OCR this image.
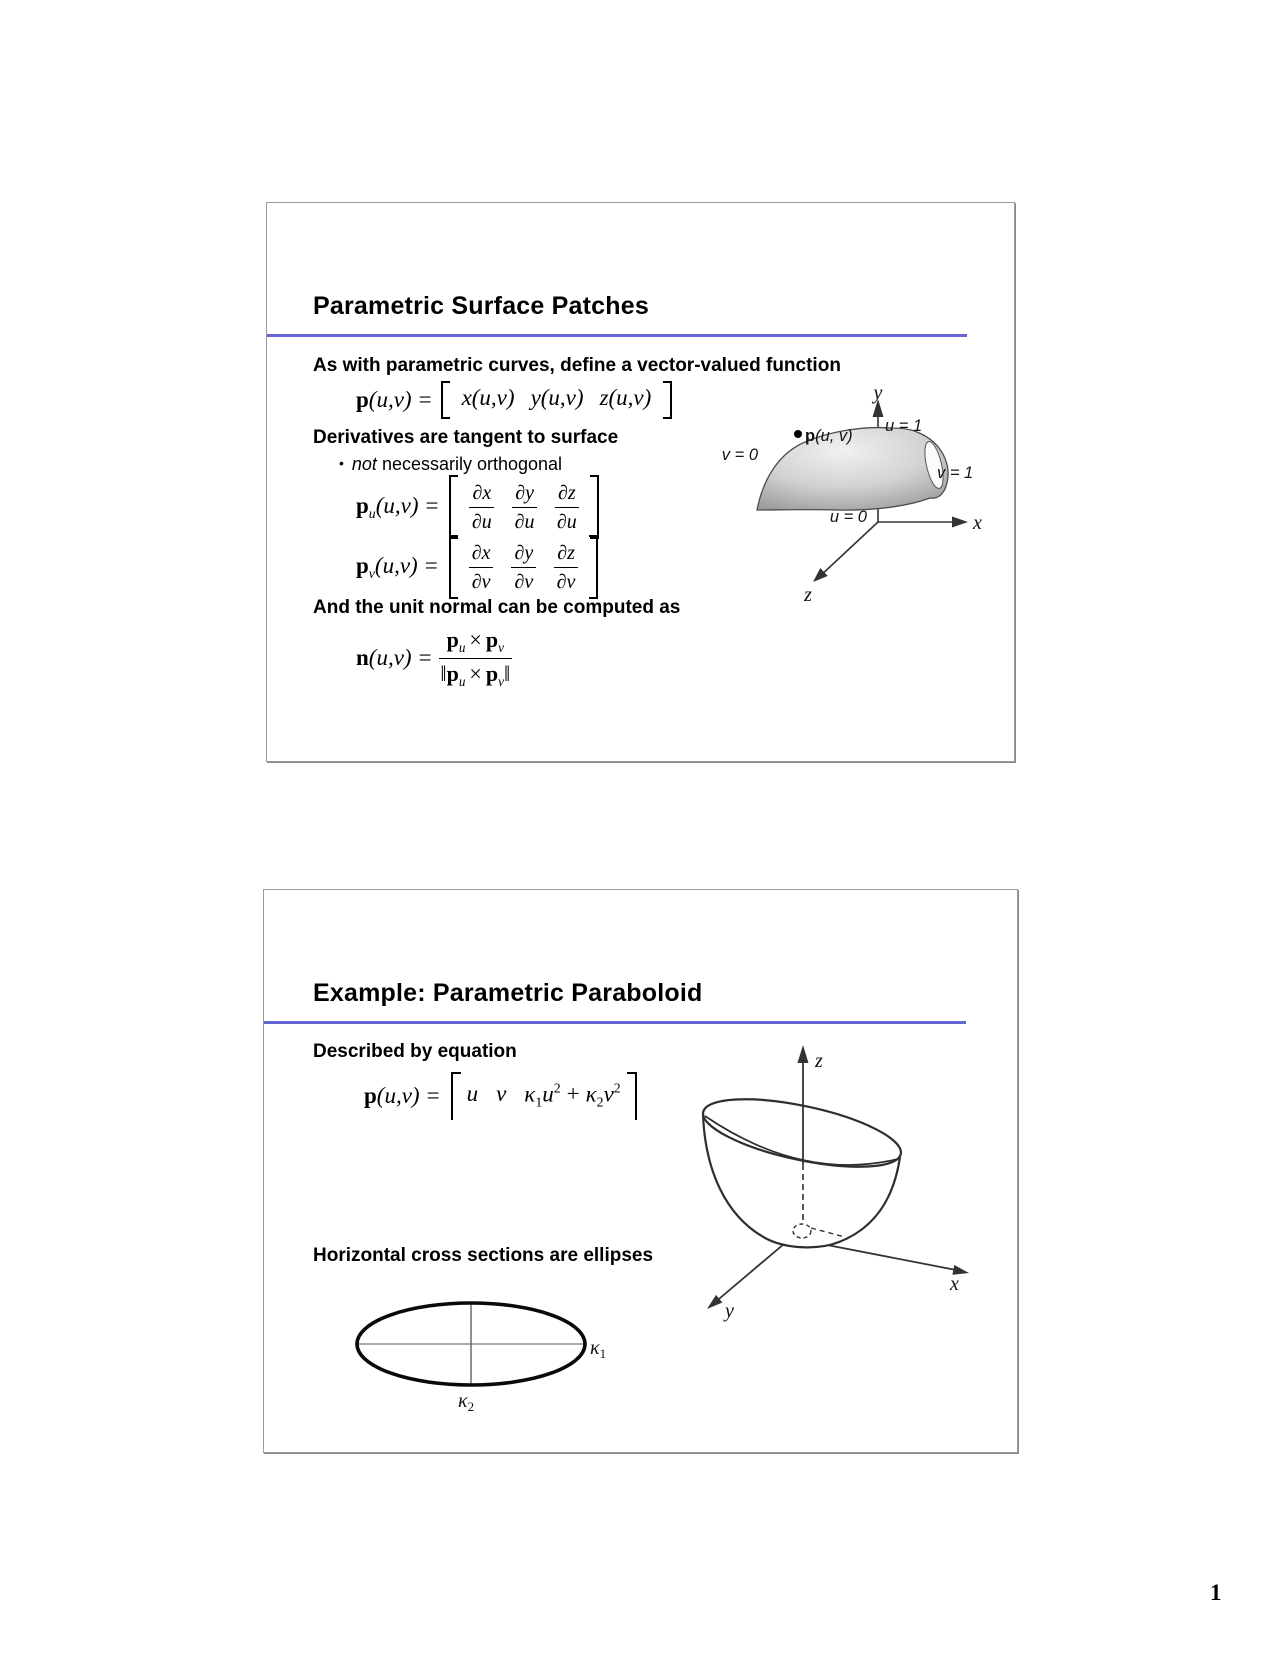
Parametric Surface Patches
As with parametric curves, define a vector-valued function
p(u,v) = x(u,v) y(u,v) z(u,v)
Derivatives are tangent to surface
• not necessarily orthogonal
$p_u(u,v) = \frac{\partial x}{\partial u} \frac{\partial y}{\partial u} \frac{\partial z}{\partial u}$
$p_v(u,v) = \frac{\partial x}{\partial v} \frac{\partial y}{\partial v} \frac{\partial z}{\partial v}$
And the unit normal can be computed as
$n(u,v) = \frac{p_u \times p_v}{‖p_u \times p_v‖}$
y
u = 1
v = 0
p(u, v)
v = 1
u = 0	x
z
Example: Parametric Paraboloid
Described by equation
p(u,v) = u v $\kappa_1u^2 + \kappa_2v^2$
Horizontal cross sections are ellipses
z
x
y
$\kappa_1$
$\kappa_2$
1
